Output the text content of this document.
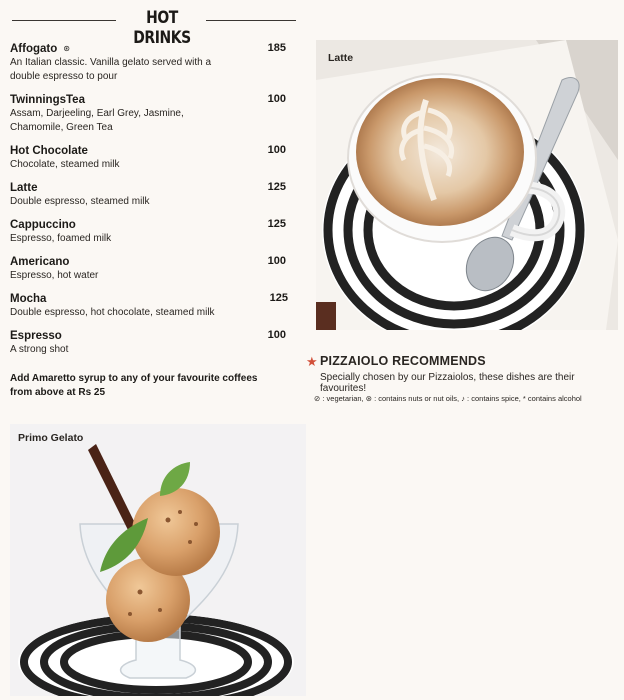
HOT DRINKS
Affogato ⊛	185
An Italian classic. Vanilla gelato served with a
double espresso to pour
TwinningsTea	100
Assam, Darjeeling, Earl Grey, Jasmine,
Chamomile, Green Tea
Hot Chocolate	100
Chocolate, steamed milk
Latte	125
Double espresso, steamed milk
Cappuccino	125
Espresso, foamed milk
Americano	100
Espresso, hot water
Mocha	125
Double espresso, hot chocolate, steamed milk
Espresso	100
A strong shot
Add Amaretto syrup to any of your favourite coffees
from above at Rs 25
Latte
★ PIZZAIOLO RECOMMENDS
Specially chosen by our Pizzaiolos, these dishes are their favourites!
⊘ : vegetarian, ⊛ : contains nuts or nut oils, ♪ : contains spice, * contains alcohol
Primo Gelato
